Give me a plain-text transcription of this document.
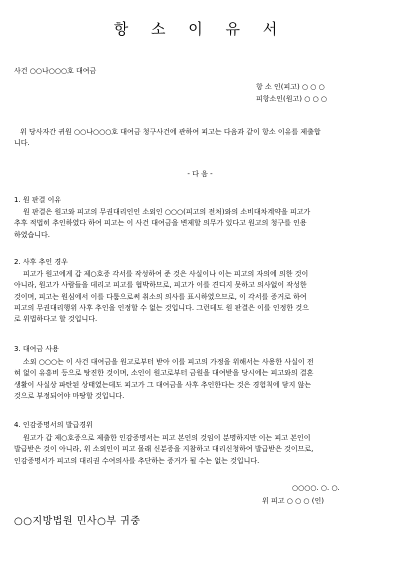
항 소 이 유 서
사건 ○○나○○○호 대여금
항 소 인(피고) ○ ○ ○
피항소인(원고) ○ ○ ○
위 당사자간 귀원 ○○나○○○호 대여금 청구사건에 관하여 피고는 다음과 같이 항소 이유를 제출합
니다.
- 다 음 -
1. 원 판결 이유
원 판결은 원고와 피고의 무권대리인인 소외인 ○○○(피고의 전처)와의 소비대차계약을 피고가
추후 적법히 추인하였다 하여 피고는 이 사건 대여금을 변제할 의무가 있다고 원고의 청구를 인용
하였습니다.
2. 사후 추인 경우
피고가 원고에게 갑 제○호증 각서를 작성하여 준 것은 사실이나 이는 피고의 자의에 의한 것이
아니라, 원고가 사람들을 데리고 피고를 협박하므로, 피고가 이를 견디지 못하고 의사없이 작성한
것이며, 피고는 원심에서 이를 다툼으로써 취소의 의사를 표시하였으므로, 이 각서를 증거로 하여
피고의 무권대리행위 사후 추인을 인정할 수 없는 것입니다. 그런데도 원 판결은 이를 인정한 것으
로 위법하다고 할 것입니다.
3. 대여금 사용
소외 ○○○는 이 사건 대여금을 원고로부터 받아 이를 피고의 가정을 위해서는 사용한 사실이 전
혀 없이 유흥비 등으로 탕진한 것이며, 소인이 원고로부터 금원을 대여받을 당시에는 피고와의 결혼
생활이 사실상 파탄된 상태였는데도 피고가 그 대여금을 사후 추인한다는 것은 경험칙에 닿지 않는
것으로 부정되어야 마땅할 것입니다.
4. 인감증명서의 발급경위
원고가 갑 제○호증으로 제출한 인감증명서는 피고 본인의 것임이 분명하지만 이는 피고 본인이
발급받은 것이 아니라, 위 소외인이 피고 몰래 신분증을 지참하고 대리신청하여 발급받은 것이므로,
인감증명서가 피고의 대리권 수여의사를 추단하는 증거가 될 수는 없는 것입니다.
○○○○. ○. ○.
위 피고 ○ ○ ○ (인)
○○지방법원 민사○부 귀중
